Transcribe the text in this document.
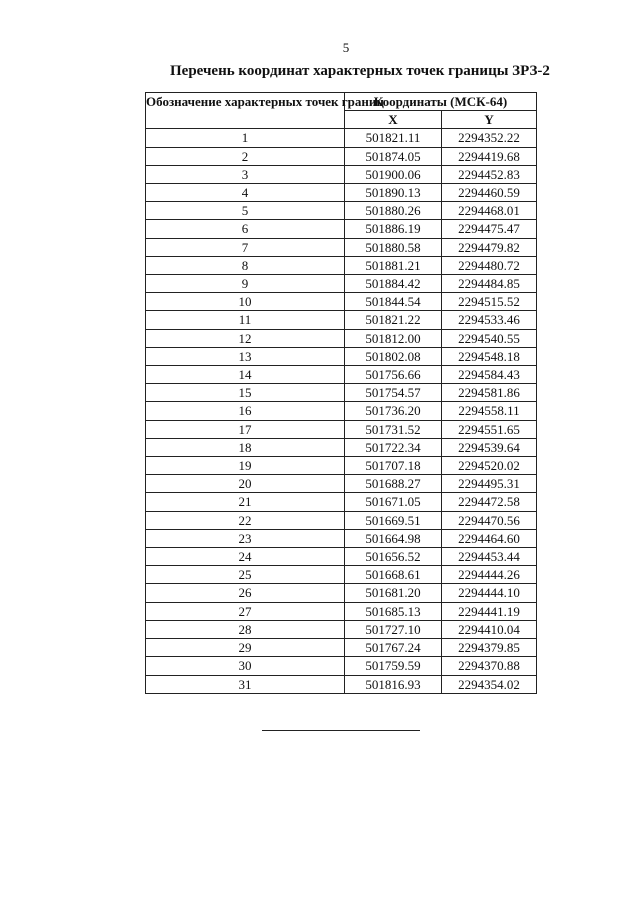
5
Перечень координат характерных точек границы ЗРЗ-2
Обозначение характерных точек границ	Координаты (МСК-64)	
	X	Y
1	501821.11	2294352.22
2	501874.05	2294419.68
3	501900.06	2294452.83
4	501890.13	2294460.59
5	501880.26	2294468.01
6	501886.19	2294475.47
7	501880.58	2294479.82
8	501881.21	2294480.72
9	501884.42	2294484.85
10	501844.54	2294515.52
11	501821.22	2294533.46
12	501812.00	2294540.55
13	501802.08	2294548.18
14	501756.66	2294584.43
15	501754.57	2294581.86
16	501736.20	2294558.11
17	501731.52	2294551.65
18	501722.34	2294539.64
19	501707.18	2294520.02
20	501688.27	2294495.31
21	501671.05	2294472.58
22	501669.51	2294470.56
23	501664.98	2294464.60
24	501656.52	2294453.44
25	501668.61	2294444.26
26	501681.20	2294444.10
27	501685.13	2294441.19
28	501727.10	2294410.04
29	501767.24	2294379.85
30	501759.59	2294370.88
31	501816.93	2294354.02
